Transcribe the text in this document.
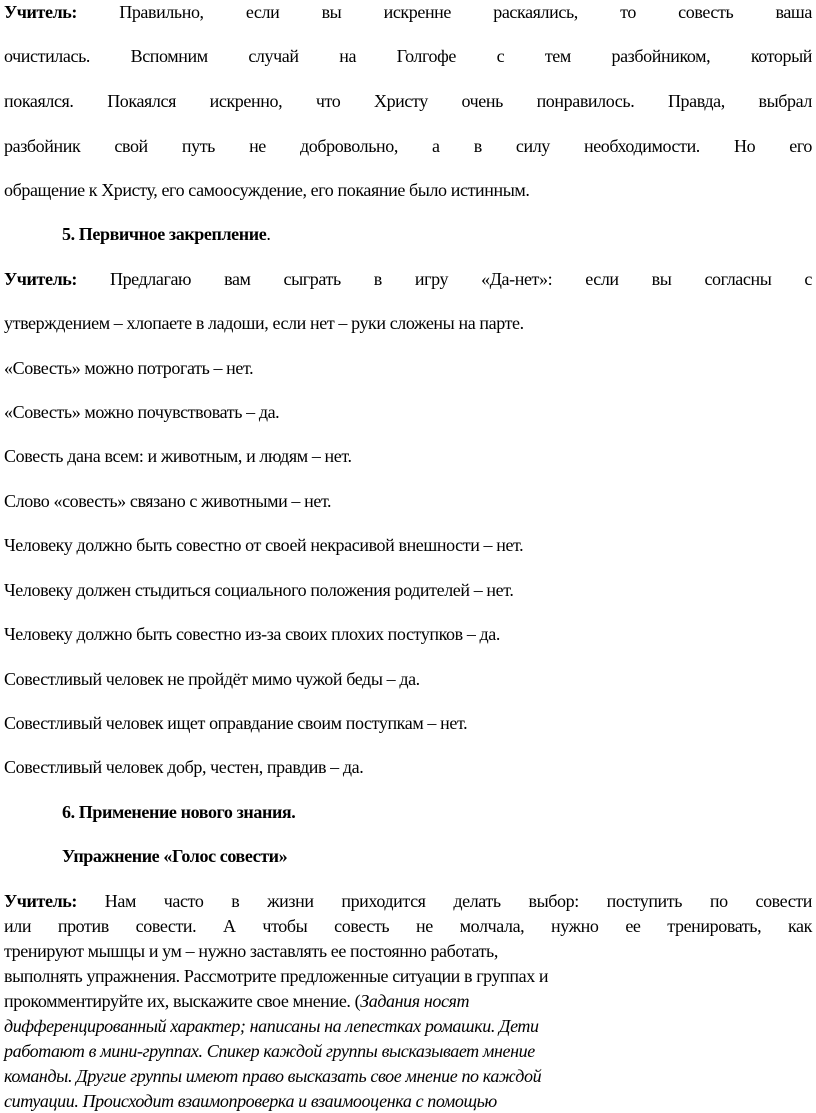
Учитель: Правильно, если вы искренне раскаялись, то совесть ваша
очистилась. Вспомним случай на Голгофе с тем разбойником, который
покаялся. Покаялся искренно, что Христу очень понравилось. Правда, выбрал
разбойник свой путь не добровольно, а в силу необходимости. Но его
обращение к Христу, его самоосуждение, его покаяние было истинным.
5. Первичное закрепление.
Учитель: Предлагаю вам сыграть в игру «Да-нет»: если вы согласны с
утверждением – хлопаете в ладоши, если нет – руки сложены на парте.
«Совесть» можно потрогать – нет.
«Совесть» можно почувствовать – да.
Совесть дана всем: и животным, и людям – нет.
Слово «совесть» связано с животными – нет.
Человеку должно быть совестно от своей некрасивой внешности – нет.
Человеку должен стыдиться социального положения родителей – нет.
Человеку должно быть совестно из-за своих плохих поступков – да.
Совестливый человек не пройдёт мимо чужой беды – да.
Совестливый человек ищет оправдание своим поступкам – нет.
Совестливый человек добр, честен, правдив – да.
6. Применение нового знания.
Упражнение «Голос совести»
Учитель: Нам часто в жизни приходится делать выбор: поступить по совести
или против совести. А чтобы совесть не молчала, нужно ее тренировать, как
тренируют мышцы и ум – нужно заставлять ее постоянно работать,
выполнять упражнения. Рассмотрите предложенные ситуации в группах и
прокомментируйте их, выскажите свое мнение. (Задания носят
дифференцированный характер; написаны на лепестках ромашки. Дети
работают в мини-группах. Спикер каждой группы высказывает мнение
команды. Другие группы имеют право высказать свое мнение по каждой
ситуации. Происходит взаимопроверка и взаимооценка с помощью
